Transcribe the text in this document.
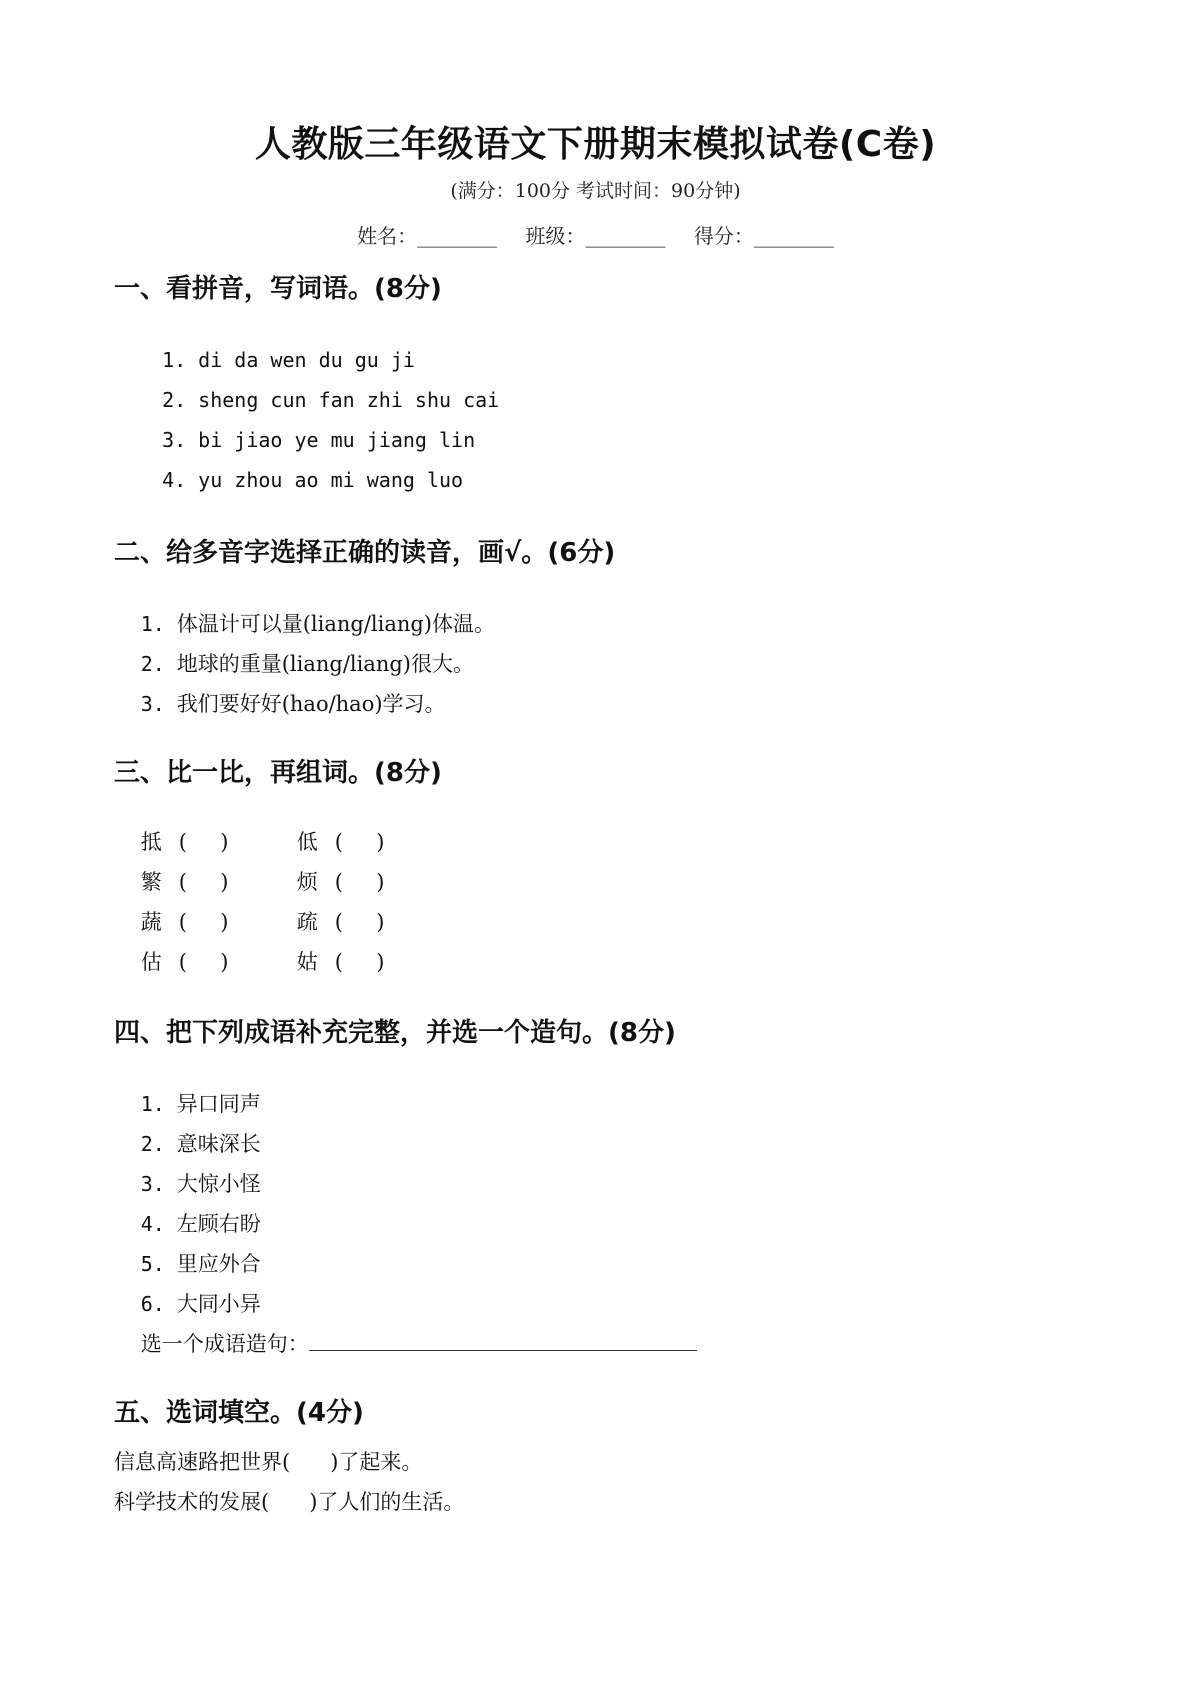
人教版三年级语文下册期末模拟试卷(C卷)
(满分：100分 考试时间：90分钟)
姓名：________ 班级：________ 得分：________
一、看拼音，写词语。(8分)

1. di da wen du gu ji

2. sheng cun fan zhi shu cai

3. bi jiao ye mu jiang lin

4. yu zhou ao mi wang luo

二、给多音字选择正确的读音，画√。(6分)

1. 体温计可以量(liang/liang)体温。

2. 地球的重量(liang/liang)很大。

3. 我们要好好(hao/hao)学习。

三、比一比，再组词。(8分)

抵 (     )	低 (     )

繁 (     )	烦 (     )

蔬 (     )	疏 (     )

估 (     )	姑 (     )

四、把下列成语补充完整，并选一个造句。(8分)

1. 异口同声

2. 意味深长

3. 大惊小怪

4. 左顾右盼

5. 里应外合

6. 大同小异

选一个成语造句：

五、选词填空。(4分)
信息高速路把世界(      )了起来。
科学技术的发展(      )了人们的生活。
